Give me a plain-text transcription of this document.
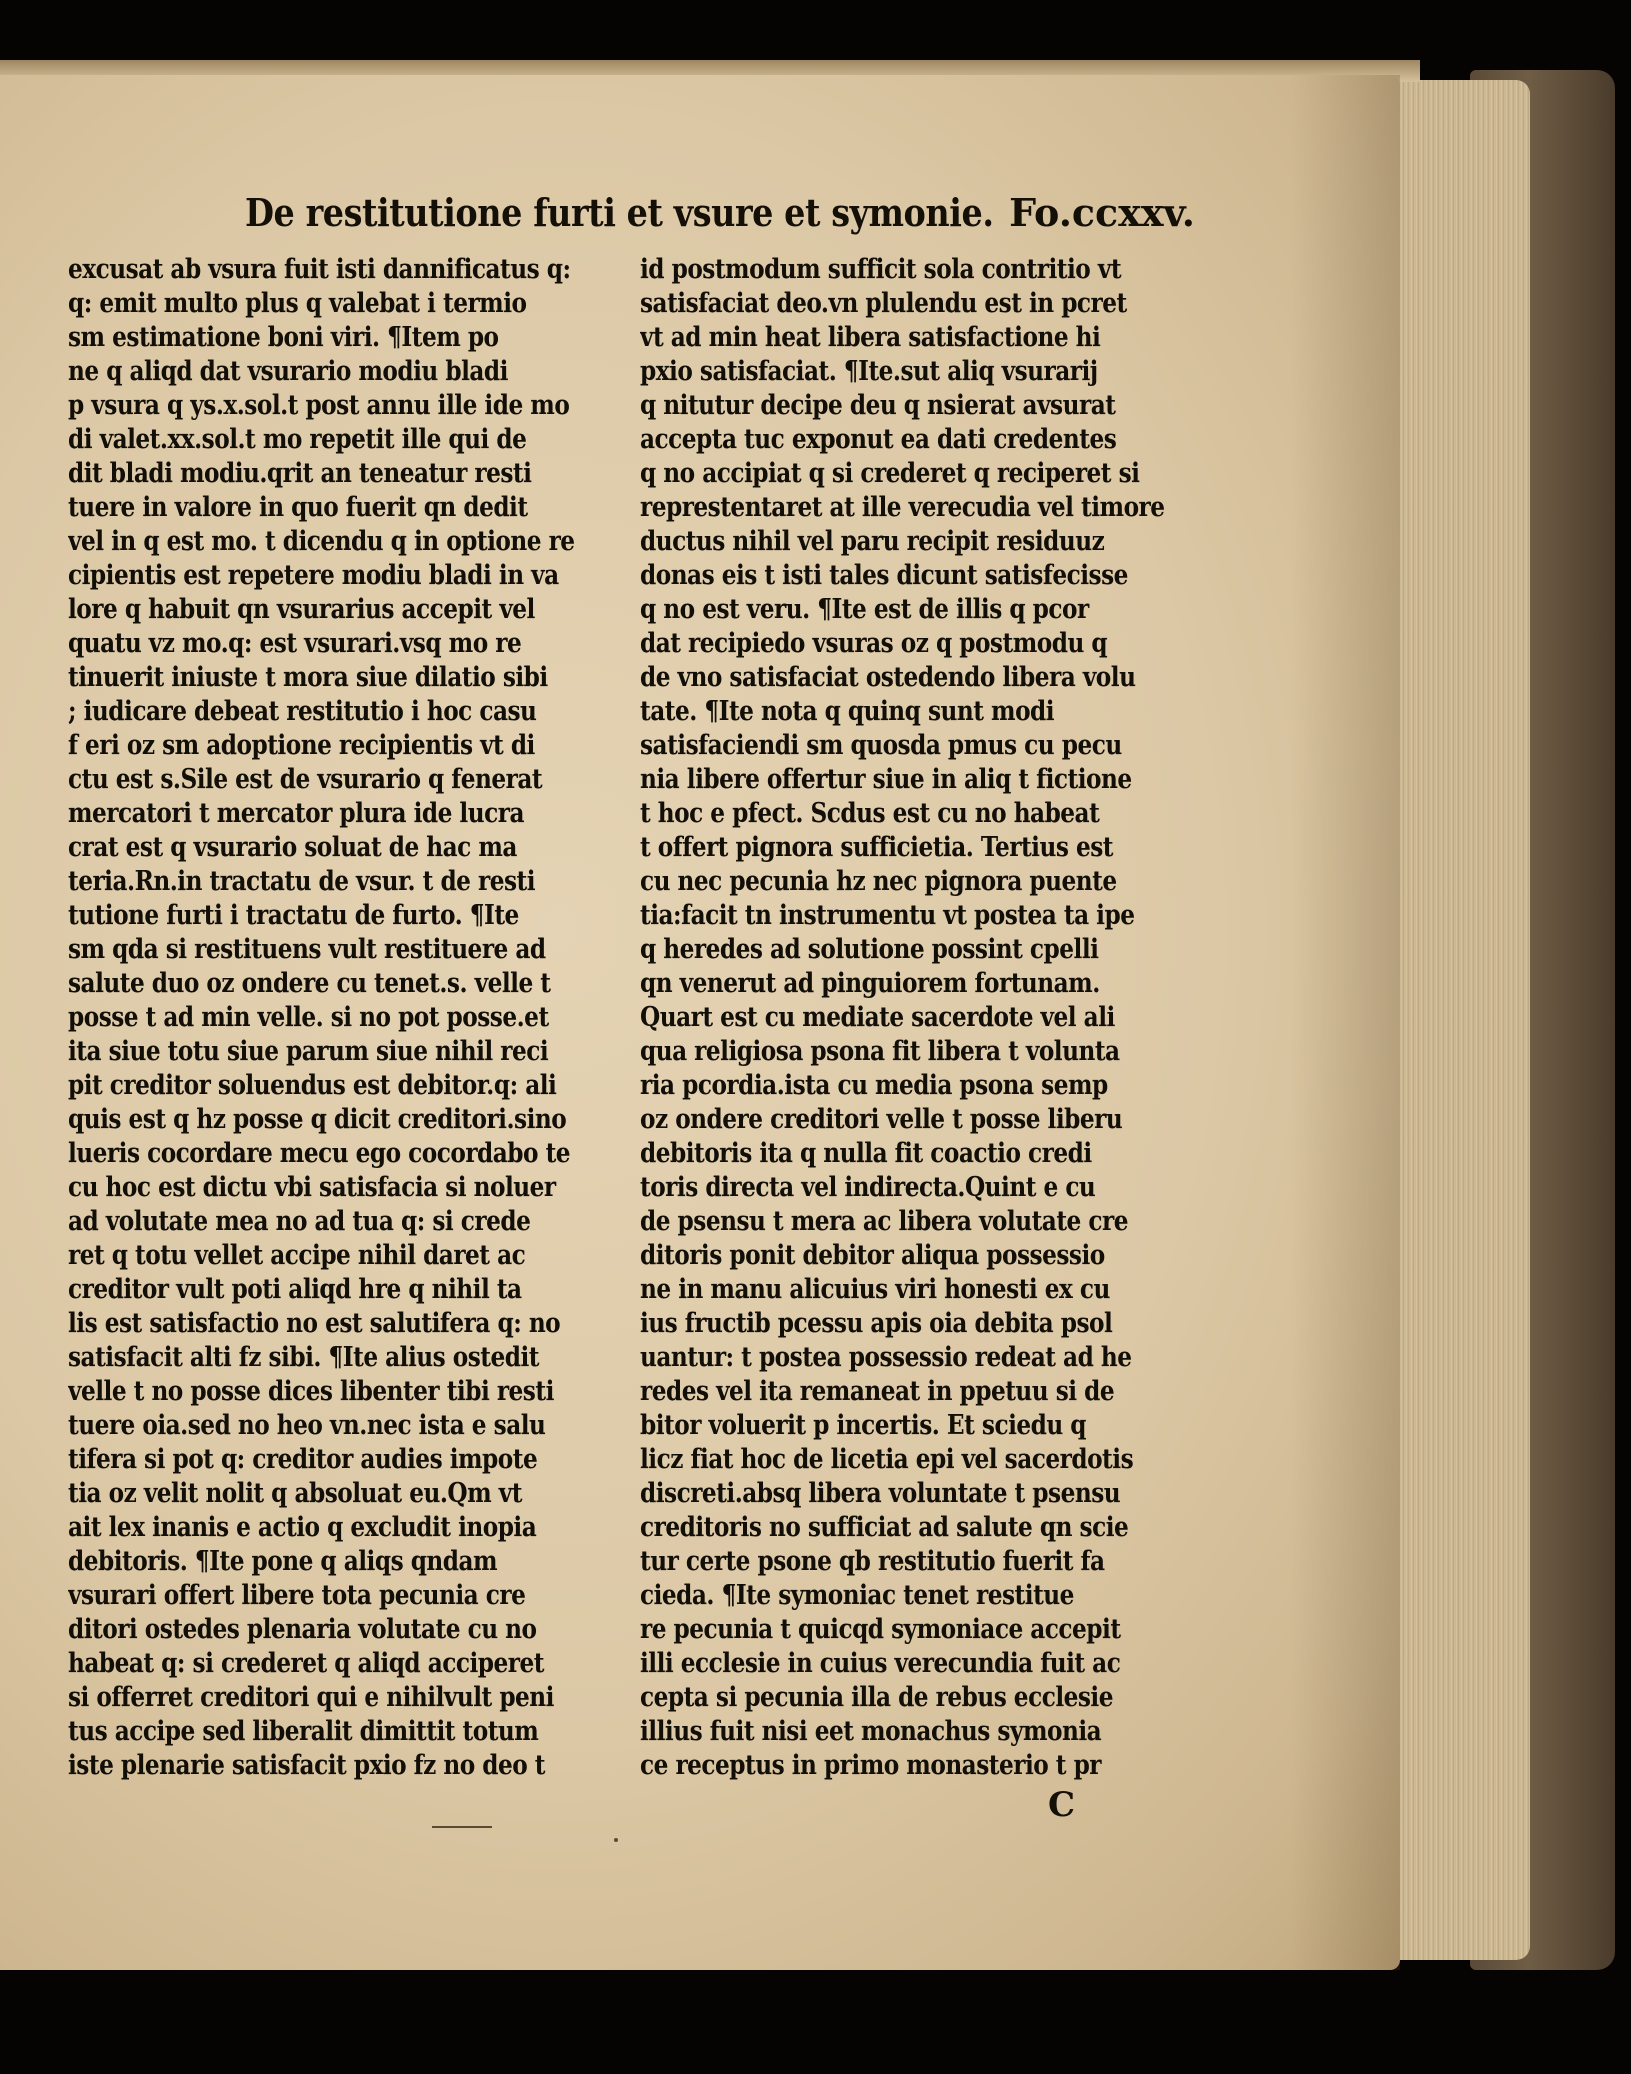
De restitutione furti et vsure et symonie. Fo.ccxxv.
excusat ab vsura fuit isti dannificatus q:
q: emit multo plus q valebat i termio
sm estimatione boni viri. ¶Item po
ne q aliqd dat vsurario modiu bladi
p vsura q ys.x.sol.t post annu ille ide mo
di valet.xx.sol.t mo repetit ille qui de
dit bladi modiu.qrit an teneatur resti
tuere in valore in quo fuerit qn dedit
vel in q est mo. t dicendu q in optione re
cipientis est repetere modiu bladi in va
lore q habuit qn vsurarius accepit vel
quatu vz mo.q: est vsurari.vsq mo re
tinuerit iniuste t mora siue dilatio sibi
; iudicare debeat restitutio i hoc casu
f eri oz sm adoptione recipientis vt di
ctu est s.Sile est de vsurario q fenerat
mercatori t mercator plura ide lucra
crat est q vsurario soluat de hac ma
teria.Rn.in tractatu de vsur. t de resti
tutione furti i tractatu de furto. ¶Ite
sm qda si restituens vult restituere ad
salute duo oz ondere cu tenet.s. velle t
posse t ad min velle. si no pot posse.et
ita siue totu siue parum siue nihil reci
pit creditor soluendus est debitor.q: ali
quis est q hz posse q dicit creditori.sino
lueris cocordare mecu ego cocordabo te
cu hoc est dictu vbi satisfacia si noluer
ad volutate mea no ad tua q: si crede
ret q totu vellet accipe nihil daret ac
creditor vult poti aliqd hre q nihil ta
lis est satisfactio no est salutifera q: no
satisfacit alti fz sibi. ¶Ite alius ostedit
velle t no posse dices libenter tibi resti
tuere oia.sed no heo vn.nec ista e salu
tifera si pot q: creditor audies impote
tia oz velit nolit q absoluat eu.Qm vt
ait lex inanis e actio q excludit inopia
debitoris. ¶Ite pone q aliqs qndam
vsurari offert libere tota pecunia cre
ditori ostedes plenaria volutate cu no
habeat q: si crederet q aliqd acciperet
si offerret creditori qui e nihilvult peni
tus accipe sed liberalit dimittit totum
iste plenarie satisfacit pxio fz no deo t
id postmodum sufficit sola contritio vt
satisfaciat deo.vn plulendu est in pcret
vt ad min heat libera satisfactione hi
pxio satisfaciat. ¶Ite.sut aliq vsurarij
q nitutur decipe deu q nsierat avsurat
accepta tuc exponut ea dati credentes
q no accipiat q si crederet q reciperet si
represtentaret at ille verecudia vel timore
ductus nihil vel paru recipit residuuz
donas eis t isti tales dicunt satisfecisse
q no est veru. ¶Ite est de illis q pcor
dat recipiedo vsuras oz q postmodu q
de vno satisfaciat ostedendo libera volu
tate. ¶Ite nota q quinq sunt modi
satisfaciendi sm quosda pmus cu pecu
nia libere offertur siue in aliq t fictione
t hoc e pfect. Scdus est cu no habeat
t offert pignora sufficietia. Tertius est
cu nec pecunia hz nec pignora puente
tia:facit tn instrumentu vt postea ta ipe
q heredes ad solutione possint cpelli
qn venerut ad pinguiorem fortunam.
Quart est cu mediate sacerdote vel ali
qua religiosa psona fit libera t volunta
ria pcordia.ista cu media psona semp
oz ondere creditori velle t posse liberu
debitoris ita q nulla fit coactio credi
toris directa vel indirecta.Quint e cu
de psensu t mera ac libera volutate cre
ditoris ponit debitor aliqua possessio
ne in manu alicuius viri honesti ex cu
ius fructib pcessu apis oia debita psol
uantur: t postea possessio redeat ad he
redes vel ita remaneat in ppetuu si de
bitor voluerit p incertis. Et sciedu q
licz fiat hoc de licetia epi vel sacerdotis
discreti.absq libera voluntate t psensu
creditoris no sufficiat ad salute qn scie
tur certe psone qb restitutio fuerit fa
cieda. ¶Ite symoniac tenet restitue
re pecunia t quicqd symoniace accepit
illi ecclesie in cuius verecundia fuit ac
cepta si pecunia illa de rebus ecclesie
illius fuit nisi eet monachus symonia
ce receptus in primo monasterio t pr
C
